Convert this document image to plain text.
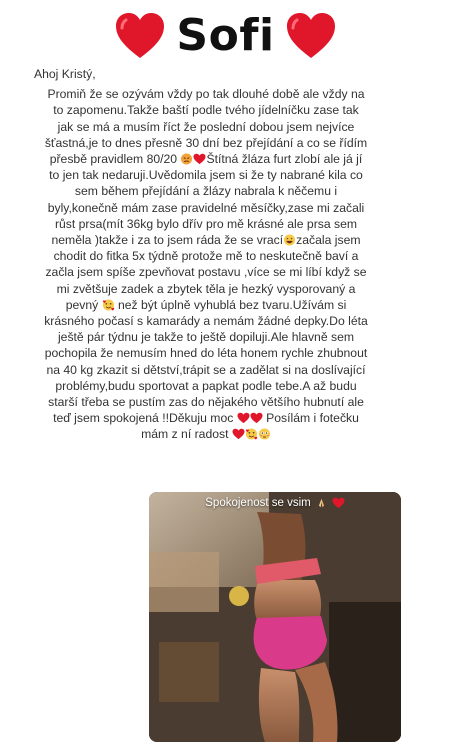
Sofi
Ahoj Kristý,
Promiň že se ozývám vždy po tak dlouhé době ale vždy na to zapomenu.Takže baští podle tvého jídelníčku zase tak jak se má a musím říct že poslední dobou jsem nejvíce šťastná,je to dnes přesně 30 dní bez přejídání a co se řídím přesbě pravidlem 80/20 Štítná žláza furt zlobí ale já jí to jen tak nedaruji.Uvědomila jsem si že ty nabrané kila co sem během přejídání a žlázy nabrala k něčemu i byly,konečně mám zase pravidelné měsíčky,zase mi začali růst prsa(mít 36kg bylo dřív pro mě krásné ale prsa sem neměla )takže i za to jsem ráda že se vrací začala jsem chodit do fitka 5x týdně protože mě to neskutečně baví a začla jsem spíše zpevňovat postavu ,více se mi líbí když se mi zvětšuje zadek a zbytek těla je hezký vysporovaný a pevný  než být úplně vyhublá bez tvaru.Užívám si krásného počasí s kamarády a nemám žádné depky.Do léta ještě pár týdnu je takže to ještě dopiluji.Ale hlavně sem pochopila že nemusím hned do léta honem rychle zhubnout na 40 kg zkazit si dětství,trápit se a zadělat si na doslívající problémy,budu sportovat a papkat podle tebe.A až budu starší třeba se pustím zas do nějakého většího hubnutí ale teď jsem spokojená !!Děkuju moc  Posílám i fotečku mám z ní radost
Spokojenost se vsim
